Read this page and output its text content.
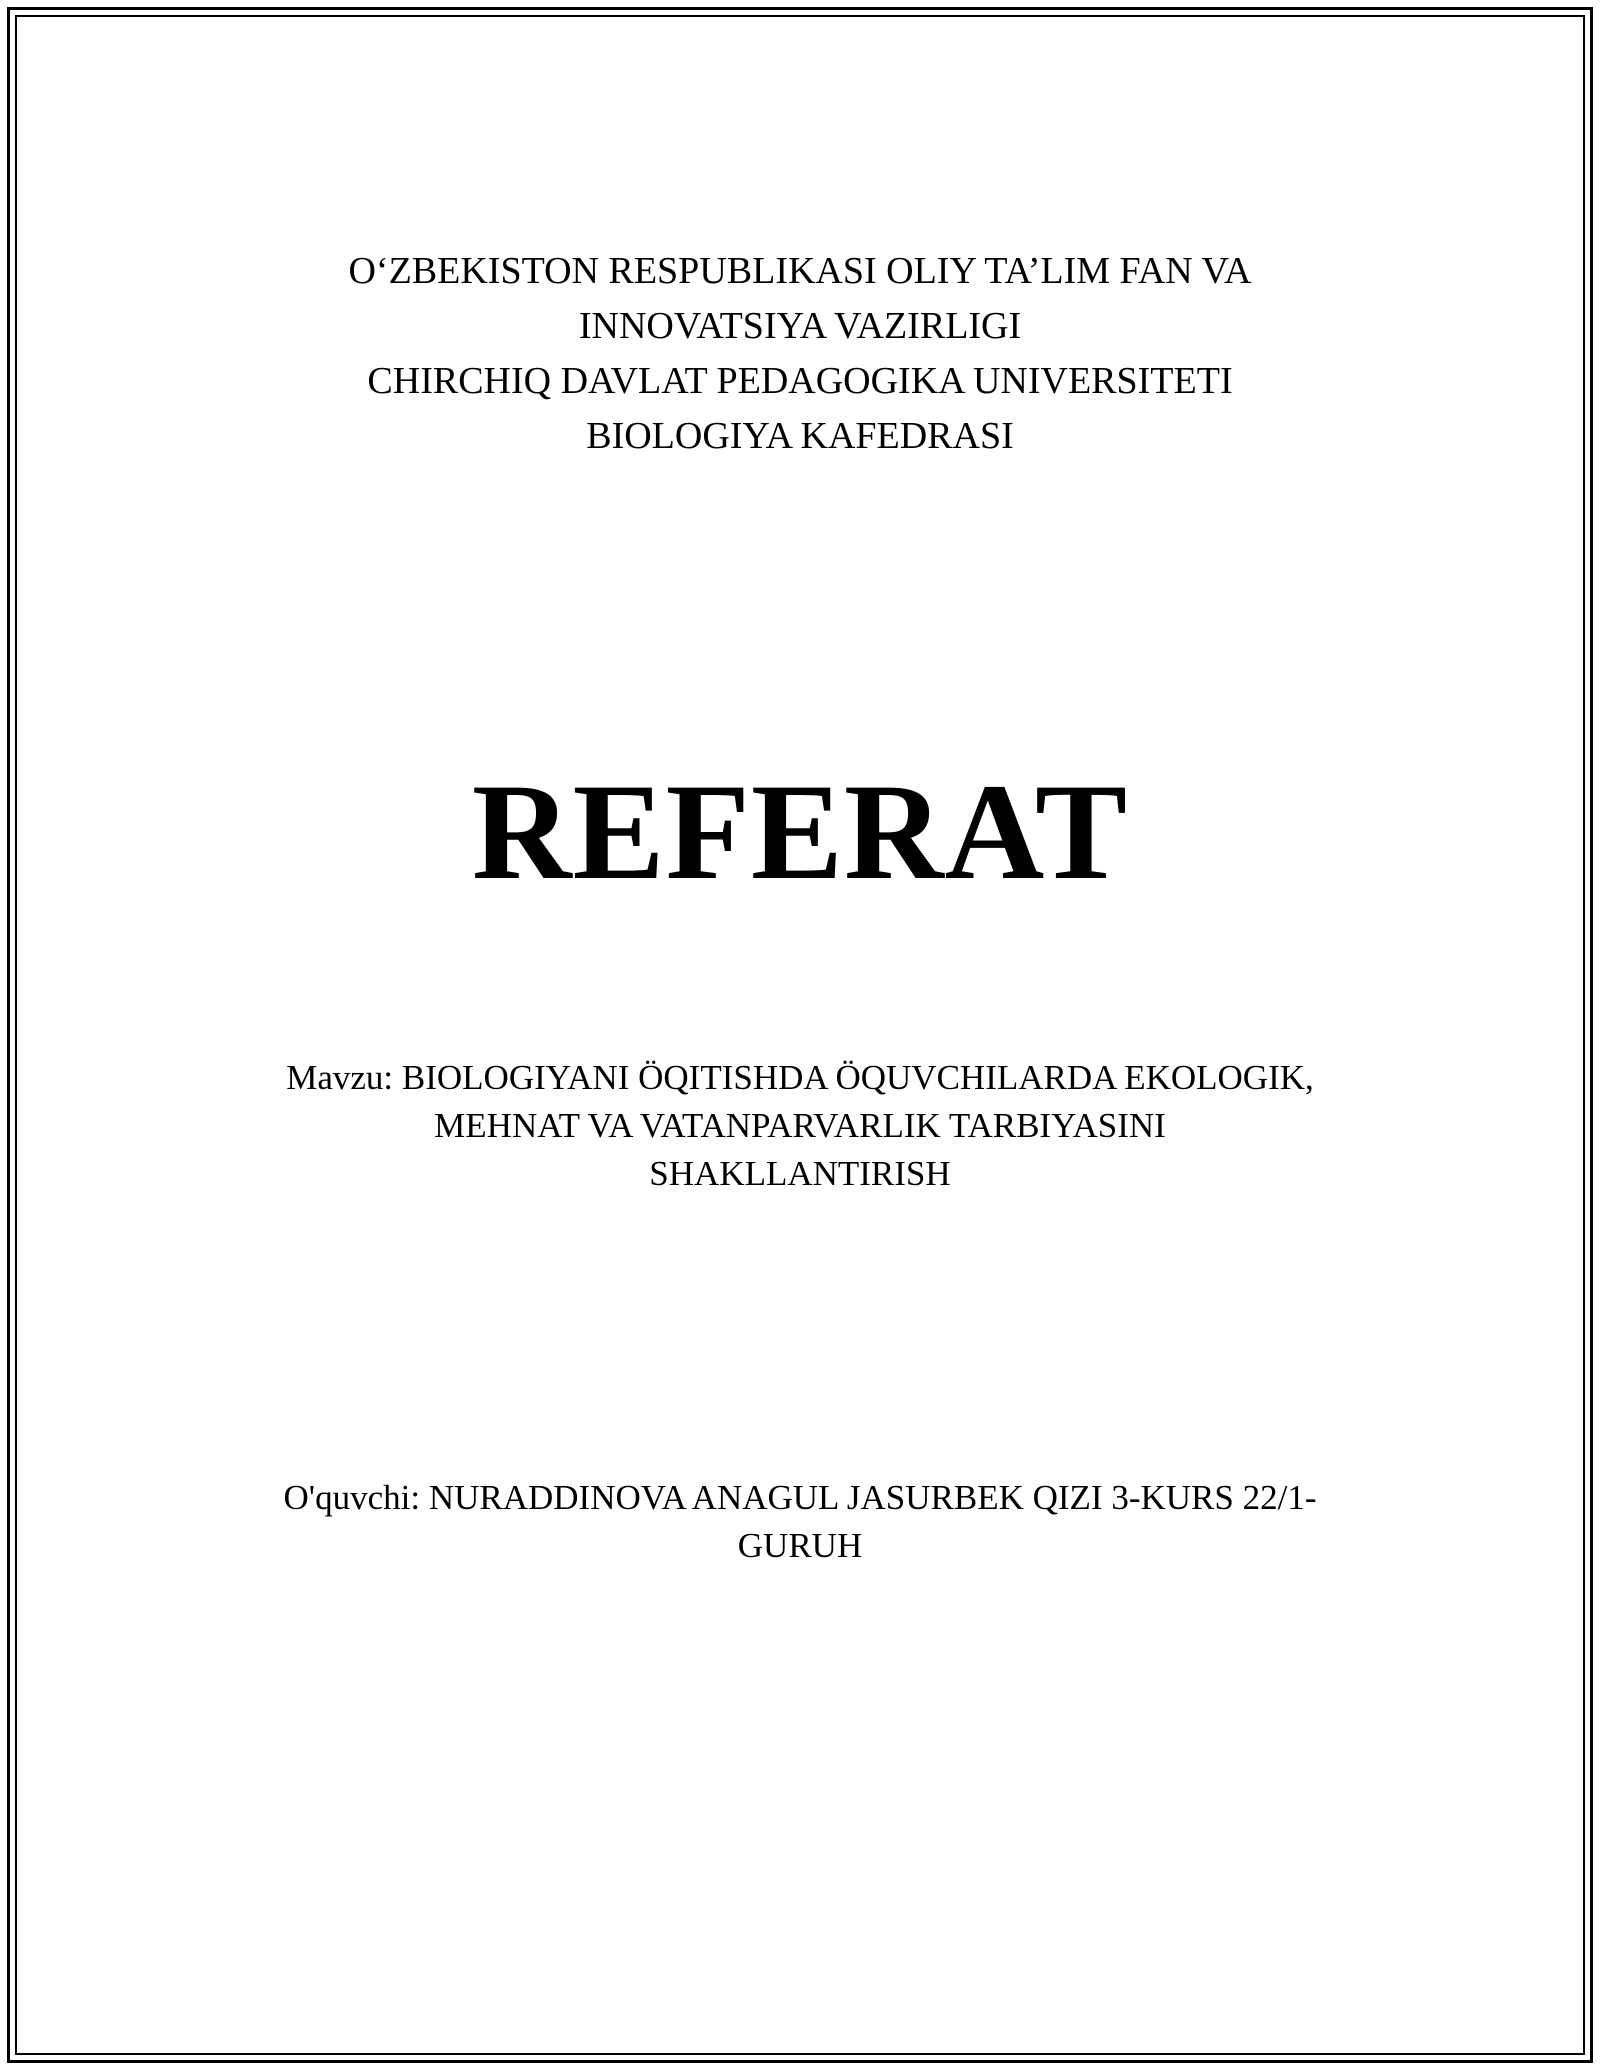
O‘ZBEKISTON RESPUBLIKASI OLIY TA’LIM FAN VA
INNOVATSIYA VAZIRLIGI
CHIRCHIQ DAVLAT PEDAGOGIKA UNIVERSITETI
BIOLOGIYA KAFEDRASI
REFERAT
Mavzu: BIOLOGIYANI ÖQITISHDA ÖQUVCHILARDA EKOLOGIK,
MEHNAT VA VATANPARVARLIK TARBIYASINI
SHAKLLANTIRISH
O'quvchi: NURADDINOVA ANAGUL JASURBEK QIZI 3-KURS 22/1-
GURUH
